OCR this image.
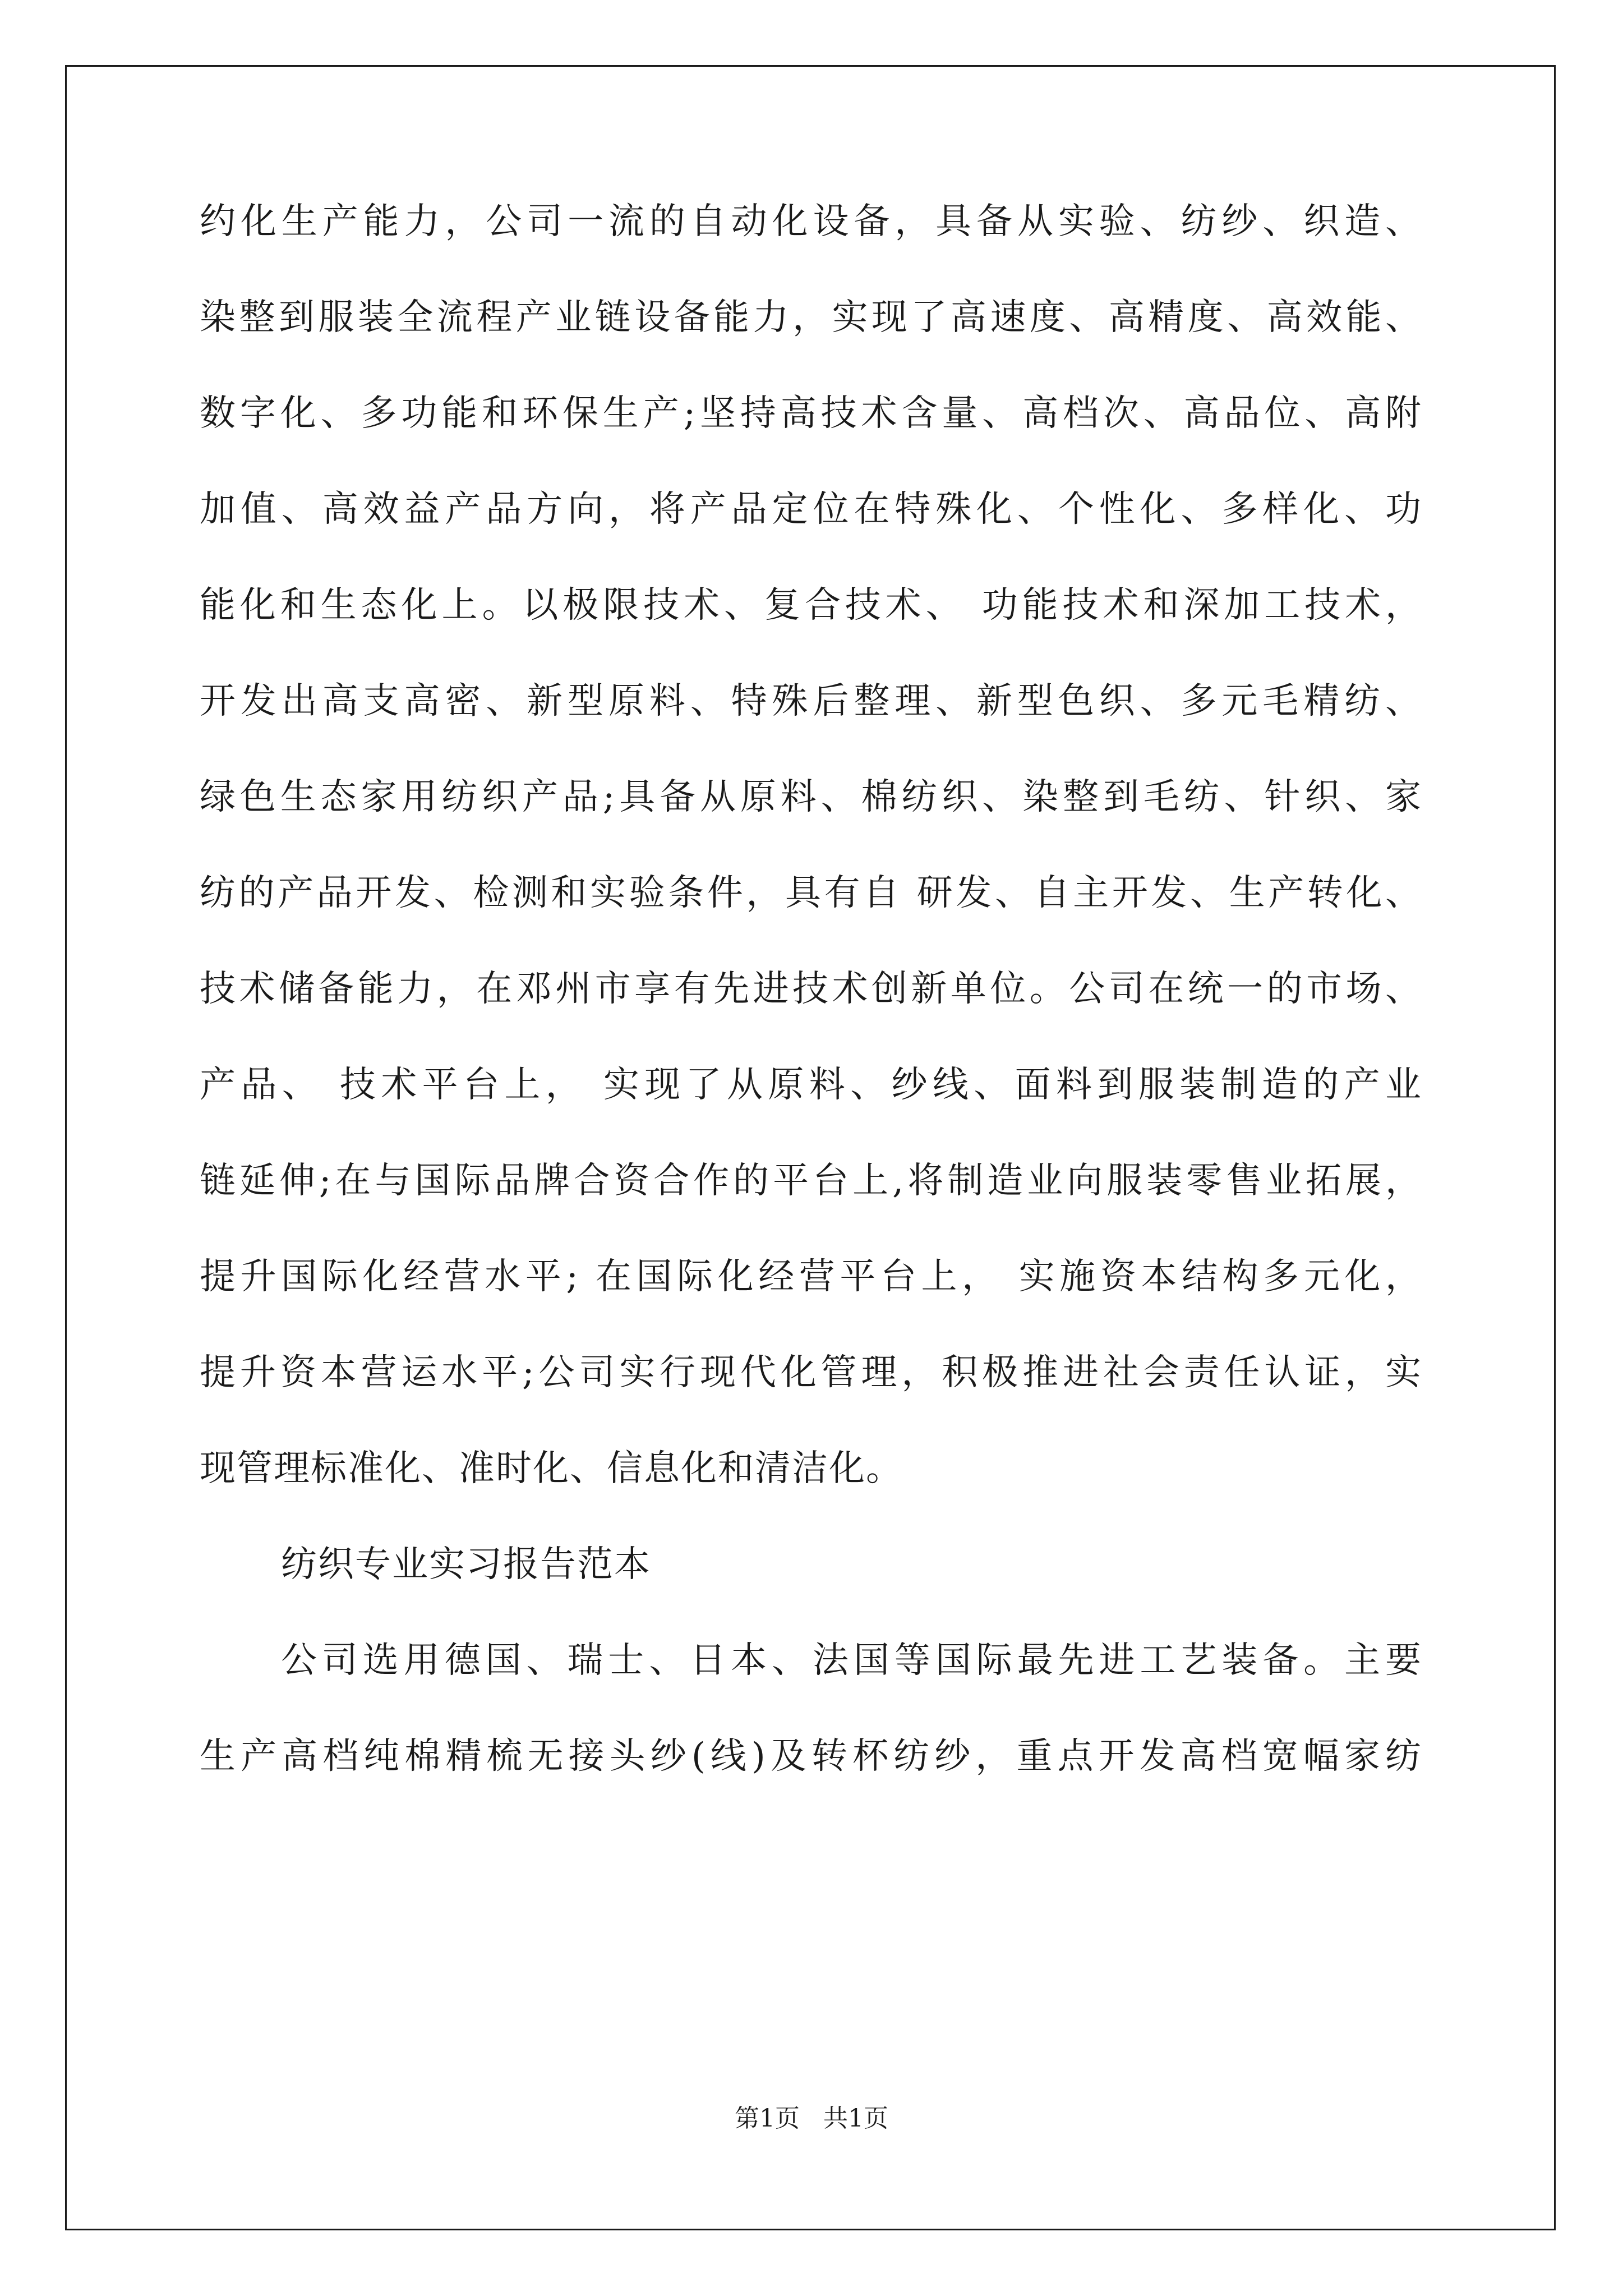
约化生产能力，公司一流的自动化设备，具备从实验、纺纱、织造、
染整到服装全流程产业链设备能力，实现了高速度、高精度、高效能、
数字化、多功能和环保生产;坚持高技术含量、高档次、高品位、高附
加值、高效益产品方向，将产品定位在特殊化、个性化、多样化、功
能化和生态化上。以极限技术、复合技术、 功能技术和深加工技术，
开发出高支高密、新型原料、特殊后整理、新型色织、多元毛精纺、
绿色生态家用纺织产品;具备从原料、棉纺织、染整到毛纺、针织、家
纺的产品开发、检测和实验条件，具有自 研发、自主开发、生产转化、
技术储备能力，在邓州市享有先进技术创新单位。公司在统一的市场、
产品、 技术平台上， 实现了从原料、纱线、面料到服装制造的产业
链延伸;在与国际品牌合资合作的平台上,将制造业向服装零售业拓展，
提升国际化经营水平; 在国际化经营平台上， 实施资本结构多元化，
提升资本营运水平;公司实行现代化管理，积极推进社会责任认证，实
现管理标准化、准时化、信息化和清洁化。
纺织专业实习报告范本
公司选用德国、瑞士、日本、法国等国际最先进工艺装备。主要
生产高档纯棉精梳无接头纱(线)及转杯纺纱，重点开发高档宽幅家纺
第1页   共1页
